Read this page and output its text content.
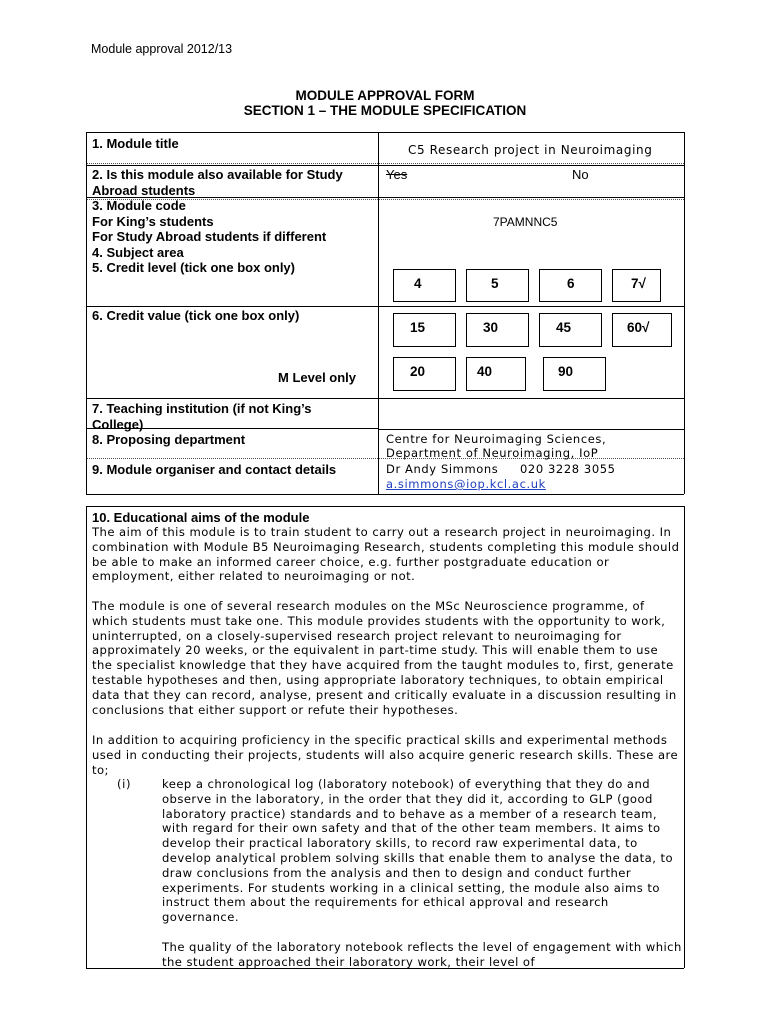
Module approval 2012/13
MODULE APPROVAL FORM
SECTION 1 – THE MODULE SPECIFICATION
1. Module title	C5 Research project in Neuroimaging
2. Is this module also available for Study Abroad students
Yes	No
3. Module code
For King’s students	7PAMNNC5
For Study Abroad students if different
4. Subject area
5. Credit level (tick one box only)
4	5	6	7√
6. Credit value (tick one box only)
15	30	45	60√
M Level only	20	40	90
7. Teaching institution (if not King’s College)
8. Proposing department	Centre for Neuroimaging Sciences,
Department of Neuroimaging, IoP
9. Module organiser and contact details	Dr Andy Simmons 020 3228 3055
a.simmons@iop.kcl.ac.uk
10. Educational aims of the module
The aim of this module is to train student to carry out a research project in neuroimaging. In combination with Module B5 Neuroimaging Research, students completing this module should be able to make an informed career choice, e.g. further postgraduate education or employment, either related to neuroimaging or not.
The module is one of several research modules on the MSc Neuroscience programme, of which students must take one. This module provides students with the opportunity to work, uninterrupted, on a closely-supervised research project relevant to neuroimaging for approximately 20 weeks, or the equivalent in part-time study. This will enable them to use the specialist knowledge that they have acquired from the taught modules to, first, generate testable hypotheses and then, using appropriate laboratory techniques, to obtain empirical data that they can record, analyse, present and critically evaluate in a discussion resulting in conclusions that either support or refute their hypotheses.
In addition to acquiring proficiency in the specific practical skills and experimental methods used in conducting their projects, students will also acquire generic research skills. These are to;
(i)	keep a chronological log (laboratory notebook) of everything that they do and observe in the laboratory, in the order that they did it, according to GLP (good laboratory practice) standards and to behave as a member of a research team, with regard for their own safety and that of the other team members. It aims to develop their practical laboratory skills, to record raw experimental data, to develop analytical problem solving skills that enable them to analyse the data, to draw conclusions from the analysis and then to design and conduct further experiments. For students working in a clinical setting, the module also aims to instruct them about the requirements for ethical approval and research governance.
The quality of the laboratory notebook reflects the level of engagement with which the student approached their laboratory work, their level of
